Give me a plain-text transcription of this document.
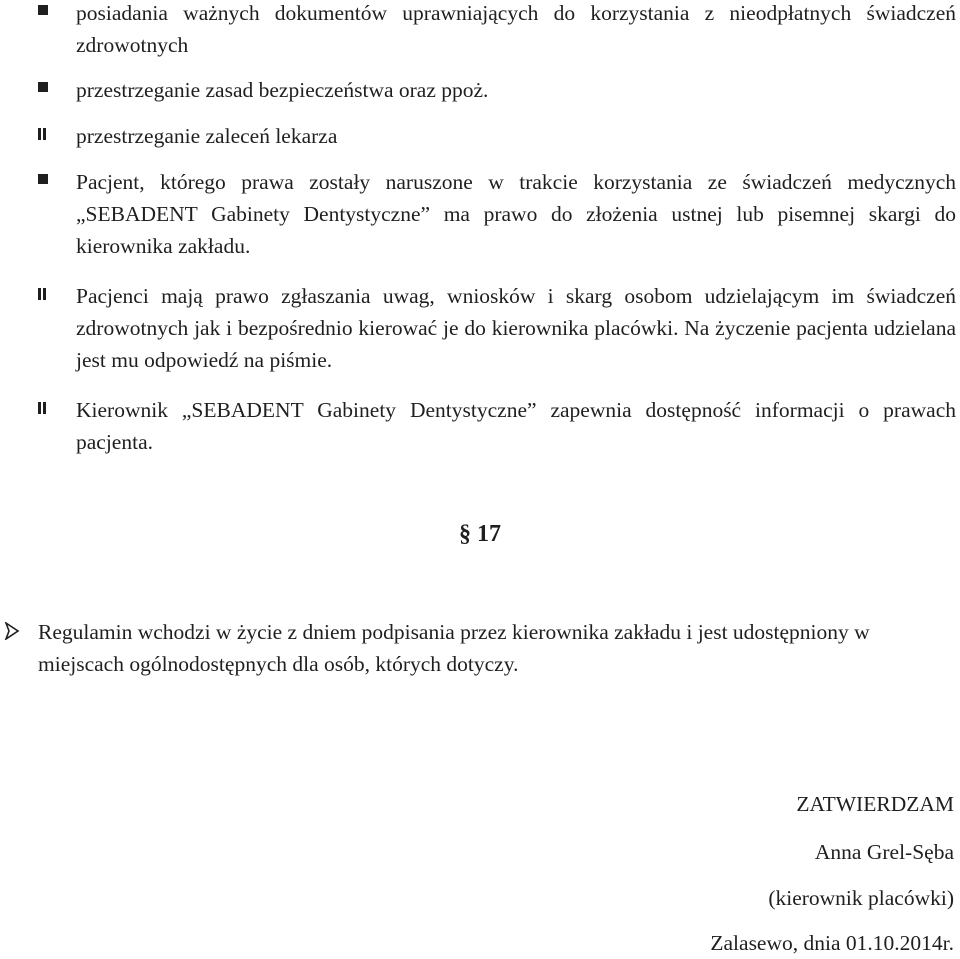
posiadania ważnych dokumentów uprawniających do korzystania z nieodpłatnych świadczeń zdrowotnych
przestrzeganie zasad bezpieczeństwa oraz ppoż.
przestrzeganie zaleceń lekarza
Pacjent, którego prawa zostały naruszone w trakcie korzystania ze świadczeń medycznych „SEBADENT Gabinety Dentystyczne” ma prawo do złożenia ustnej lub pisemnej skargi do kierownika zakładu.
Pacjenci mają prawo zgłaszania uwag, wniosków i skarg osobom udzielającym im świadczeń zdrowotnych jak i bezpośrednio kierować je do kierownika placówki. Na życzenie pacjenta udzielana jest mu odpowiedź na piśmie.
Kierownik „SEBADENT Gabinety Dentystyczne” zapewnia dostępność informacji o prawach pacjenta.
§ 17
Regulamin wchodzi w życie z dniem podpisania przez kierownika zakładu i jest udostępniony w miejscach ogólnodostępnych dla osób, których dotyczy.
ZATWIERDZAM
Anna Grel-Sęba
(kierownik placówki)
Zalasewo, dnia 01.10.2014r.
